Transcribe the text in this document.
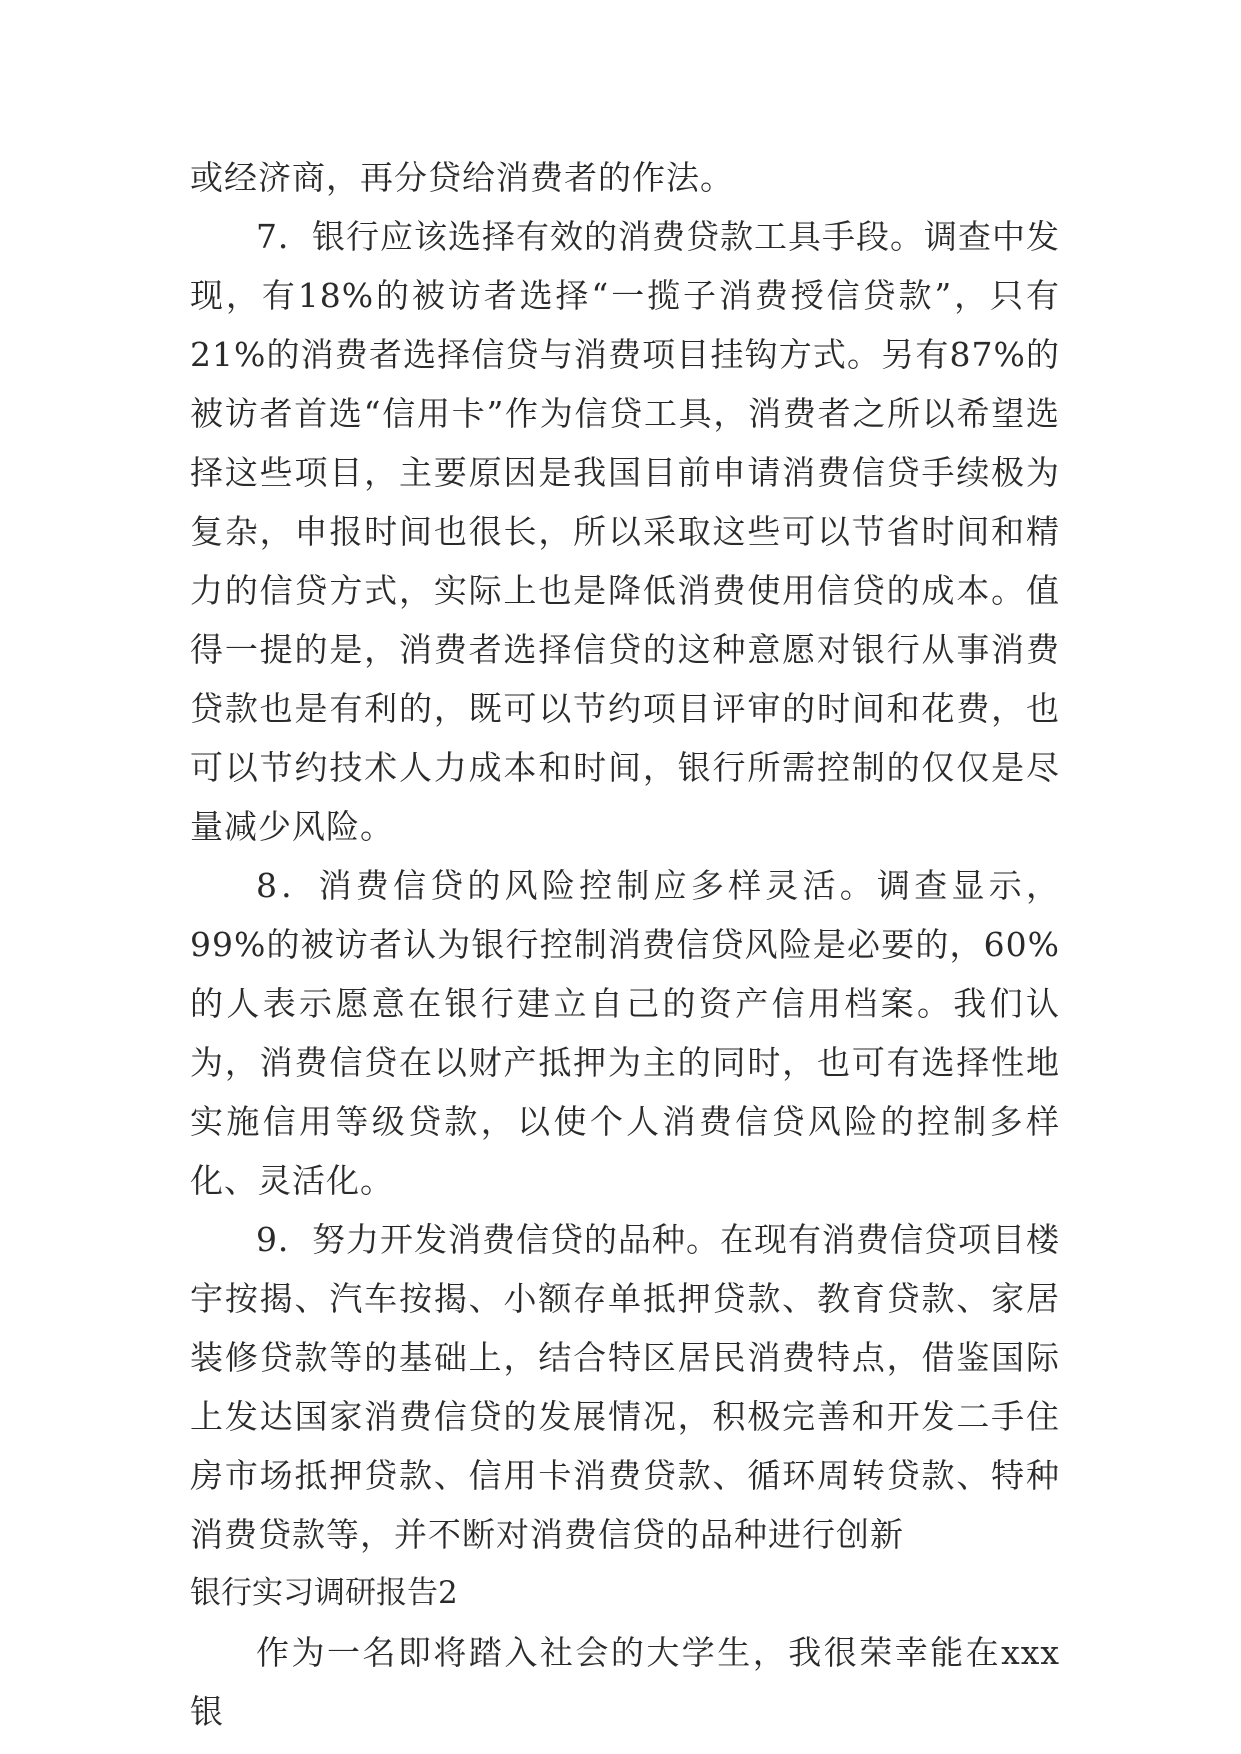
或经济商，再分贷给消费者的作法。

7．银行应该选择有效的消费贷款工具手段。调查中发现，有18%的被访者选择“一揽子消费授信贷款”，只有21%的消费者选择信贷与消费项目挂钩方式。另有87%的被访者首选“信用卡”作为信贷工具，消费者之所以希望选择这些项目，主要原因是我国目前申请消费信贷手续极为复杂，申报时间也很长，所以采取这些可以节省时间和精力的信贷方式，实际上也是降低消费使用信贷的成本。值得一提的是，消费者选择信贷的这种意愿对银行从事消费贷款也是有利的，既可以节约项目评审的时间和花费，也可以节约技术人力成本和时间，银行所需控制的仅仅是尽量减少风险。

8．消费信贷的风险控制应多样灵活。调查显示，99%的被访者认为银行控制消费信贷风险是必要的，60%的人表示愿意在银行建立自己的资产信用档案。我们认为，消费信贷在以财产抵押为主的同时，也可有选择性地实施信用等级贷款，以使个人消费信贷风险的控制多样化、灵活化。

9．努力开发消费信贷的品种。在现有消费信贷项目楼宇按揭、汽车按揭、小额存单抵押贷款、教育贷款、家居装修贷款等的基础上，结合特区居民消费特点，借鉴国际上发达国家消费信贷的发展情况，积极完善和开发二手住房市场抵押贷款、信用卡消费贷款、循环周转贷款、特种消费贷款等，并不断对消费信贷的品种进行创新

银行实习调研报告2

作为一名即将踏入社会的大学生，我很荣幸能在xxx银
